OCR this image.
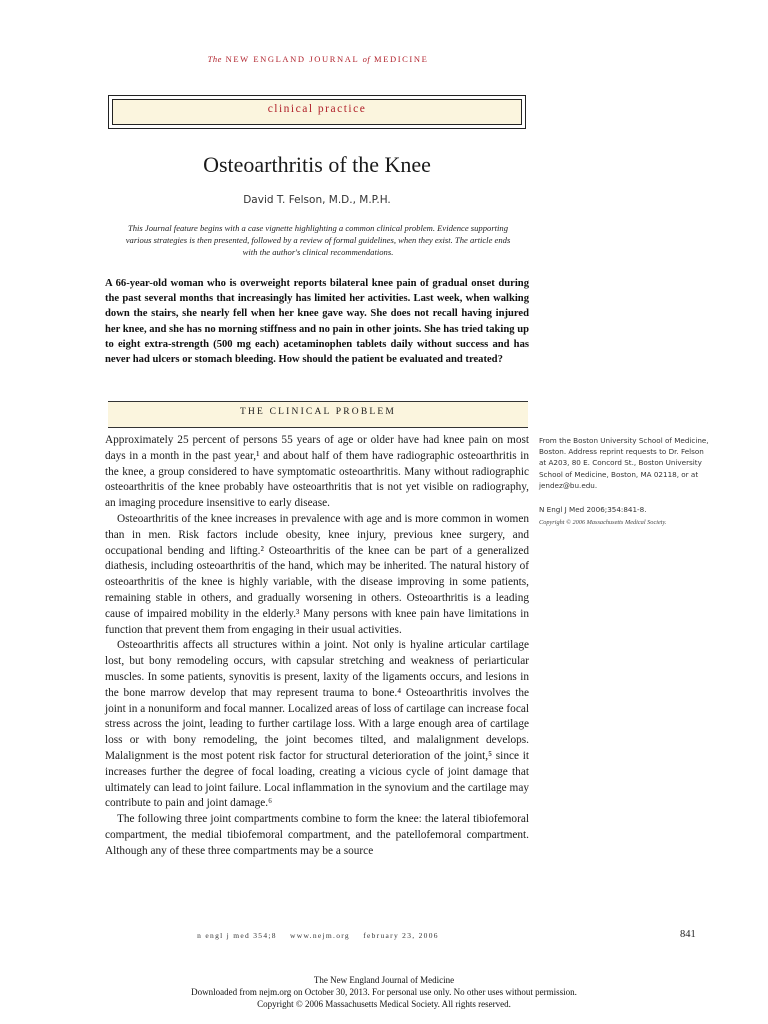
The NEW ENGLAND JOURNAL of MEDICINE
clinical practice
Osteoarthritis of the Knee
David T. Felson, M.D., M.P.H.
This Journal feature begins with a case vignette highlighting a common clinical problem. Evidence supporting various strategies is then presented, followed by a review of formal guidelines, when they exist. The article ends with the author's clinical recommendations.
A 66-year-old woman who is overweight reports bilateral knee pain of gradual onset during the past several months that increasingly has limited her activities. Last week, when walking down the stairs, she nearly fell when her knee gave way. She does not recall having injured her knee, and she has no morning stiffness and no pain in other joints. She has tried taking up to eight extra-strength (500 mg each) acetaminophen tablets daily without success and has never had ulcers or stomach bleeding. How should the patient be evaluated and treated?
THE CLINICAL PROBLEM

Approximately 25 percent of persons 55 years of age or older have had knee pain on most days in a month in the past year,¹ and about half of them have radiographic osteoarthritis in the knee, a group considered to have symptomatic osteoarthritis. Many without radiographic osteoarthritis of the knee probably have osteoarthritis that is not yet visible on radiography, an imaging procedure insensitive to early disease.

Osteoarthritis of the knee increases in prevalence with age and is more common in women than in men. Risk factors include obesity, knee injury, previous knee surgery, and occupational bending and lifting.² Osteoarthritis of the knee can be part of a generalized diathesis, including osteoarthritis of the hand, which may be inherited. The natural history of osteoarthritis of the knee is highly variable, with the disease improving in some patients, remaining stable in others, and gradually worsening in others. Osteoarthritis is a leading cause of impaired mobility in the elderly.³ Many persons with knee pain have limitations in function that prevent them from engaging in their usual activities.

Osteoarthritis affects all structures within a joint. Not only is hyaline articular cartilage lost, but bony remodeling occurs, with capsular stretching and weakness of periarticular muscles. In some patients, synovitis is present, laxity of the ligaments occurs, and lesions in the bone marrow develop that may represent trauma to bone.⁴ Osteoarthritis involves the joint in a nonuniform and focal manner. Localized areas of loss of cartilage can increase focal stress across the joint, leading to further cartilage loss. With a large enough area of cartilage loss or with bony remodeling, the joint becomes tilted, and malalignment develops. Malalignment is the most potent risk factor for structural deterioration of the joint,⁵ since it increases further the degree of focal loading, creating a vicious cycle of joint damage that ultimately can lead to joint failure. Local inflammation in the synovium and the cartilage may contribute to pain and joint damage.⁶

The following three joint compartments combine to form the knee: the lateral tibiofemoral compartment, the medial tibiofemoral compartment, and the patellofemoral compartment. Although any of these three compartments may be a source

From the Boston University School of Medicine, Boston. Address reprint requests to Dr. Felson at A203, 80 E. Concord St., Boston University School of Medicine, Boston, MA 02118, or at jendez@bu.edu.
N Engl J Med 2006;354:841-8.
Copyright © 2006 Massachusetts Medical Society.
n engl j med 354;8 www.nejm.org february 23, 2006	841
The New England Journal of Medicine
Downloaded from nejm.org on October 30, 2013. For personal use only. No other uses without permission.
Copyright © 2006 Massachusetts Medical Society. All rights reserved.
